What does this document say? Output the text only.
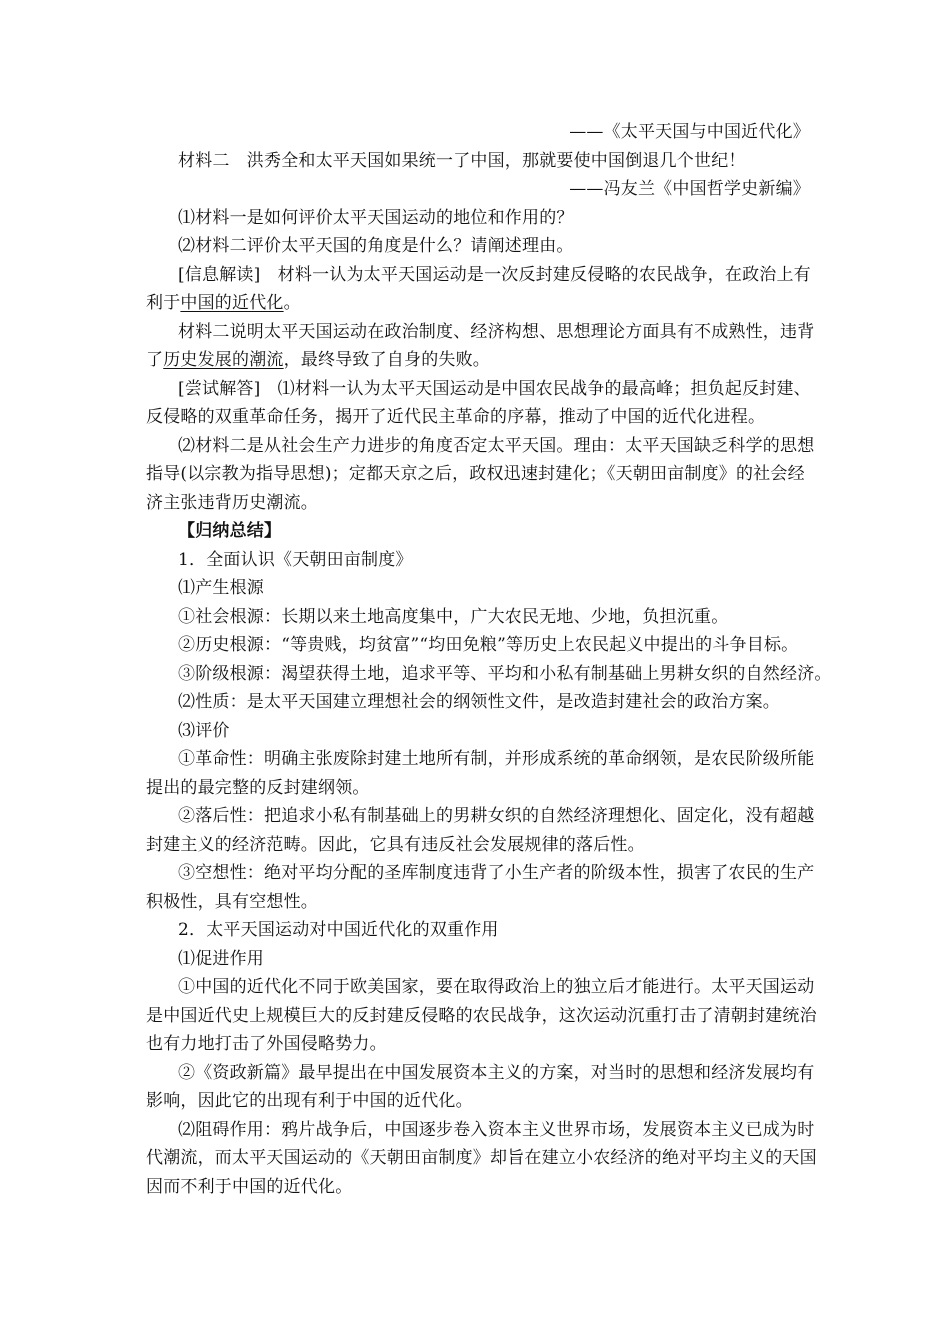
——《太平天国与中国近代化》
材料二　洪秀全和太平天国如果统一了中国，那就要使中国倒退几个世纪！
——冯友兰《中国哲学史新编》
⑴材料一是如何评价太平天国运动的地位和作用的？
⑵材料二评价太平天国的角度是什么？请阐述理由。
[信息解读]　材料一认为太平天国运动是一次反封建反侵略的农民战争，在政治上有
利于中国的近代化。
材料二说明太平天国运动在政治制度、经济构想、思想理论方面具有不成熟性，违背
了历史发展的潮流，最终导致了自身的失败。
[尝试解答]　⑴材料一认为太平天国运动是中国农民战争的最高峰；担负起反封建、
反侵略的双重革命任务，揭开了近代民主革命的序幕，推动了中国的近代化进程。
⑵材料二是从社会生产力进步的角度否定太平天国。理由：太平天国缺乏科学的思想
指导(以宗教为指导思想)；定都天京之后，政权迅速封建化；《天朝田亩制度》的社会经
济主张违背历史潮流。
【归纳总结】
1．全面认识《天朝田亩制度》
⑴产生根源
①社会根源：长期以来土地高度集中，广大农民无地、少地，负担沉重。
②历史根源：“等贵贱，均贫富”“均田免粮”等历史上农民起义中提出的斗争目标。
③阶级根源：渴望获得土地，追求平等、平均和小私有制基础上男耕女织的自然经济。
⑵性质：是太平天国建立理想社会的纲领性文件，是改造封建社会的政治方案。
⑶评价
①革命性：明确主张废除封建土地所有制，并形成系统的革命纲领，是农民阶级所能
提出的最完整的反封建纲领。
②落后性：把追求小私有制基础上的男耕女织的自然经济理想化、固定化，没有超越
封建主义的经济范畴。因此，它具有违反社会发展规律的落后性。
③空想性：绝对平均分配的圣库制度违背了小生产者的阶级本性，损害了农民的生产
积极性，具有空想性。
2．太平天国运动对中国近代化的双重作用
⑴促进作用
①中国的近代化不同于欧美国家，要在取得政治上的独立后才能进行。太平天国运动
是中国近代史上规模巨大的反封建反侵略的农民战争，这次运动沉重打击了清朝封建统治
也有力地打击了外国侵略势力。
②《资政新篇》最早提出在中国发展资本主义的方案，对当时的思想和经济发展均有
影响，因此它的出现有利于中国的近代化。
⑵阻碍作用：鸦片战争后，中国逐步卷入资本主义世界市场，发展资本主义已成为时
代潮流，而太平天国运动的《天朝田亩制度》却旨在建立小农经济的绝对平均主义的天国
因而不利于中国的近代化。
